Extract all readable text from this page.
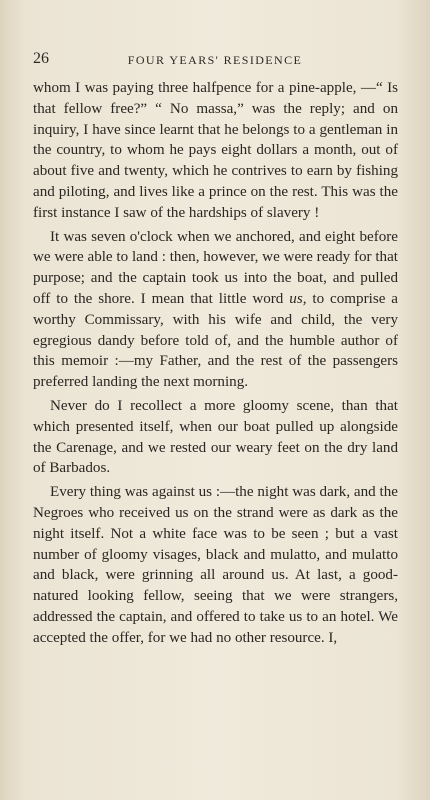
26	FOUR YEARS' RESIDENCE

whom I was paying three halfpence for a pine-apple, —“ Is that fellow free?” “ No massa,” was the reply; and on inquiry, I have since learnt that he belongs to a gentleman in the country, to whom he pays eight dollars a month, out of about five and twenty, which he contrives to earn by fishing and piloting, and lives like a prince on the rest. This was the first instance I saw of the hardships of slavery !

It was seven o'clock when we anchored, and eight before we were able to land : then, however, we were ready for that purpose; and the captain took us into the boat, and pulled off to the shore. I mean that little word us, to comprise a worthy Commissary, with his wife and child, the very egregious dandy before told of, and the humble author of this memoir :—my Father, and the rest of the passengers preferred landing the next morning.

Never do I recollect a more gloomy scene, than that which presented itself, when our boat pulled up alongside the Carenage, and we rested our weary feet on the dry land of Barbados.

Every thing was against us :—the night was dark, and the Negroes who received us on the strand were as dark as the night itself. Not a white face was to be seen ; but a vast number of gloomy visages, black and mulatto, and mulatto and black, were grinning all around us. At last, a good-natured looking fellow, seeing that we were strangers, addressed the captain, and offered to take us to an hotel. We accepted the offer, for we had no other resource. I,
